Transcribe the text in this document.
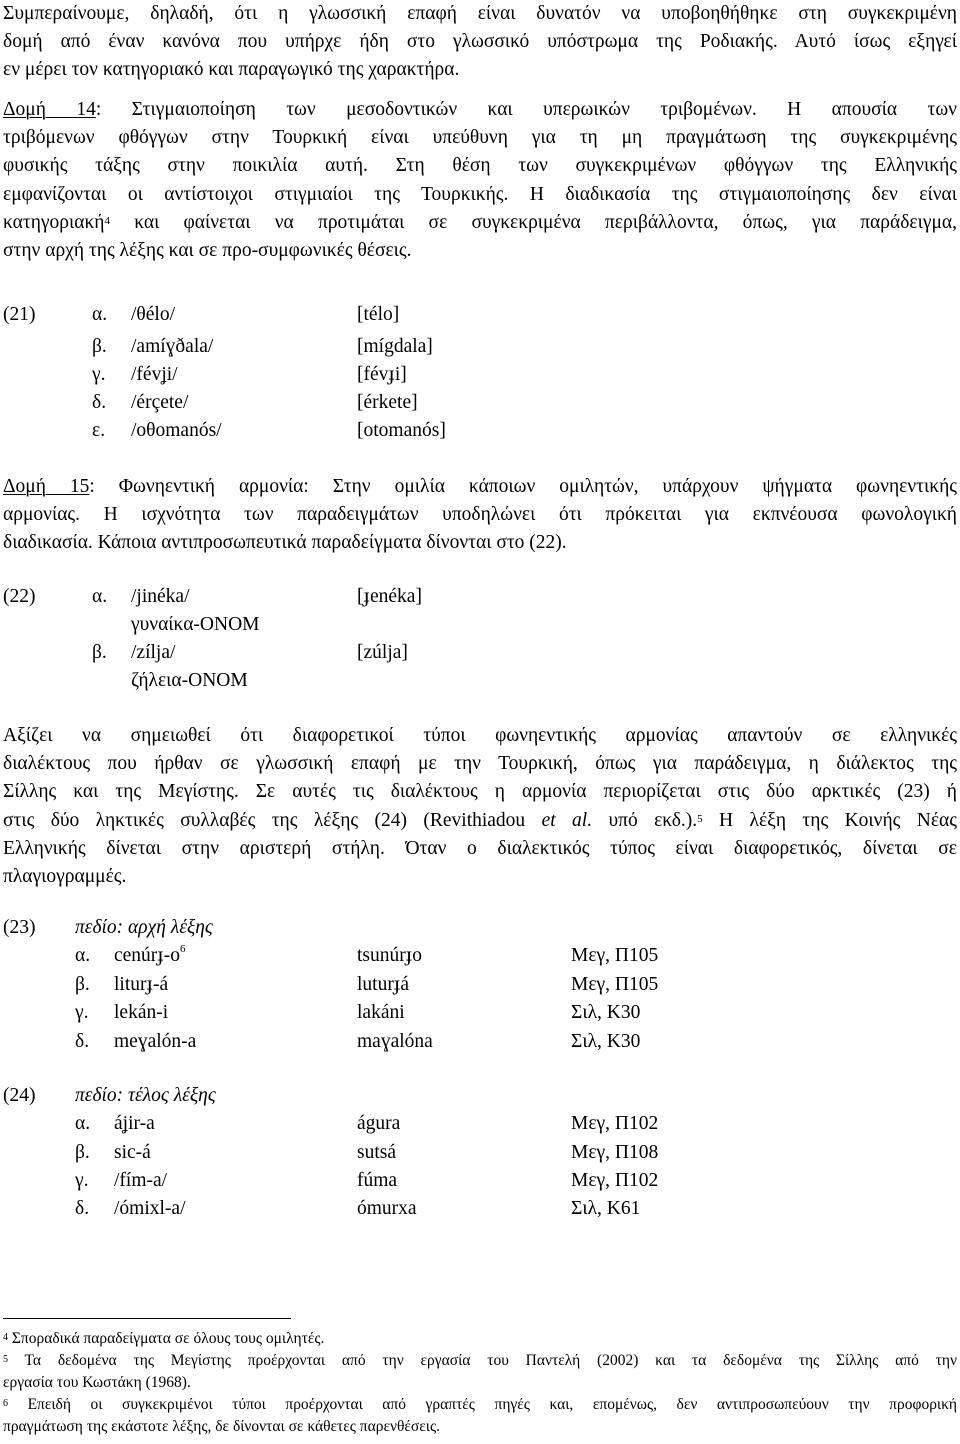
Συμπεραίνουμε, δηλαδή, ότι η γλωσσική επαφή είναι δυνατόν να υποβοηθήθηκε στη συγκεκριμένη
δομή από έναν κανόνα που υπήρχε ήδη στο γλωσσικό υπόστρωμα της Ροδιακής. Αυτό ίσως εξηγεί
εν μέρει τον κατηγοριακό και παραγωγικό της χαρακτήρα.
Δομή 14: Στιγμαιοποίηση των μεσοδοντικών και υπερωικών τριβομένων. Η απουσία των
τριβόμενων φθόγγων στην Τουρκική είναι υπεύθυνη για τη μη πραγμάτωση της συγκεκριμένης
φυσικής τάξης στην ποικιλία αυτή. Στη θέση των συγκεκριμένων φθόγγων της Ελληνικής
εμφανίζονται οι αντίστοιχοι στιγμιαίοι της Τουρκικής. Η διαδικασία της στιγμαιοποίησης δεν είναι
κατηγοριακή$^4$ και φαίνεται να προτιμάται σε συγκεκριμένα περιβάλλοντα, όπως, για παράδειγμα,
στην αρχή της λέξης και σε προ-συμφωνικές θέσεις.
(21)	α. /θélo/	[télo]
β. /amíɣðala/	[mígdala]
γ. /févʝi/	[févɟi]
δ. /érçete/	[érkete]
ε. /oθomanós/	[otomanós]
Δομή 15: Φωνηεντική αρμονία: Στην ομιλία κάποιων ομιλητών, υπάρχουν ψήγματα φωνηεντικής
αρμονίας. Η ισχνότητα των παραδειγμάτων υποδηλώνει ότι πρόκειται για εκπνέουσα φωνολογική
διαδικασία. Κάποια αντιπροσωπευτικά παραδείγματα δίνονται στο (22).
(22)	α. /jinéka/	[ɟenéka]
γυναίκα-ONOM
β. /zílja/	[zúlja]
ζήλεια-ONOM
Αξίζει να σημειωθεί ότι διαφορετικοί τύποι φωνηεντικής αρμονίας απαντούν σε ελληνικές
διαλέκτους που ήρθαν σε γλωσσική επαφή με την Τουρκική, όπως για παράδειγμα, η διάλεκτος της
Σίλλης και της Μεγίστης. Σε αυτές τις διαλέκτους η αρμονία περιορίζεται στις δύο αρκτικές (23) ή
στις δύο ληκτικές συλλαβές της λέξης (24) (Revithiadou et al. υπό εκδ.).$^5$ Η λέξη της Κοινής Νέας
Ελληνικής δίνεται στην αριστερή στήλη. Όταν ο διαλεκτικός τύπος είναι διαφορετικός, δίνεται σε
πλαγιογραμμές.
(23) πεδίο: αρχή λέξης
α. cenúrɟ-$o^6$	tsunúrɟo	Μεγ, Π105
β. liturɟ-á	luturɟá	Μεγ, Π105
γ. lekán-i	lakáni	Σιλ, Κ30
δ. meɣalón-a	maɣalóna	Σιλ, Κ30
(24) πεδίο: τέλος λέξης
α. áʝir-a	águra	Μεγ, Π102
β. sic-á	sutsá	Μεγ, Π108
γ. /fím-a/	fúma	Μεγ, Π102
δ. /ómixl-a/	ómurxa	Σιλ, Κ61
$^4$ Σποραδικά παραδείγματα σε όλους τους ομιλητές.
$^5$ Τα δεδομένα της Μεγίστης προέρχονται από την εργασία του Παντελή (2002) και τα δεδομένα της Σίλλης από την
εργασία του Κωστάκη (1968).
$^6$ Επειδή οι συγκεκριμένοι τύποι προέρχονται από γραπτές πηγές και, επομένως, δεν αντιπροσωπεύουν την προφορική
πραγμάτωση της εκάστοτε λέξης, δε δίνονται σε κάθετες παρενθέσεις.
